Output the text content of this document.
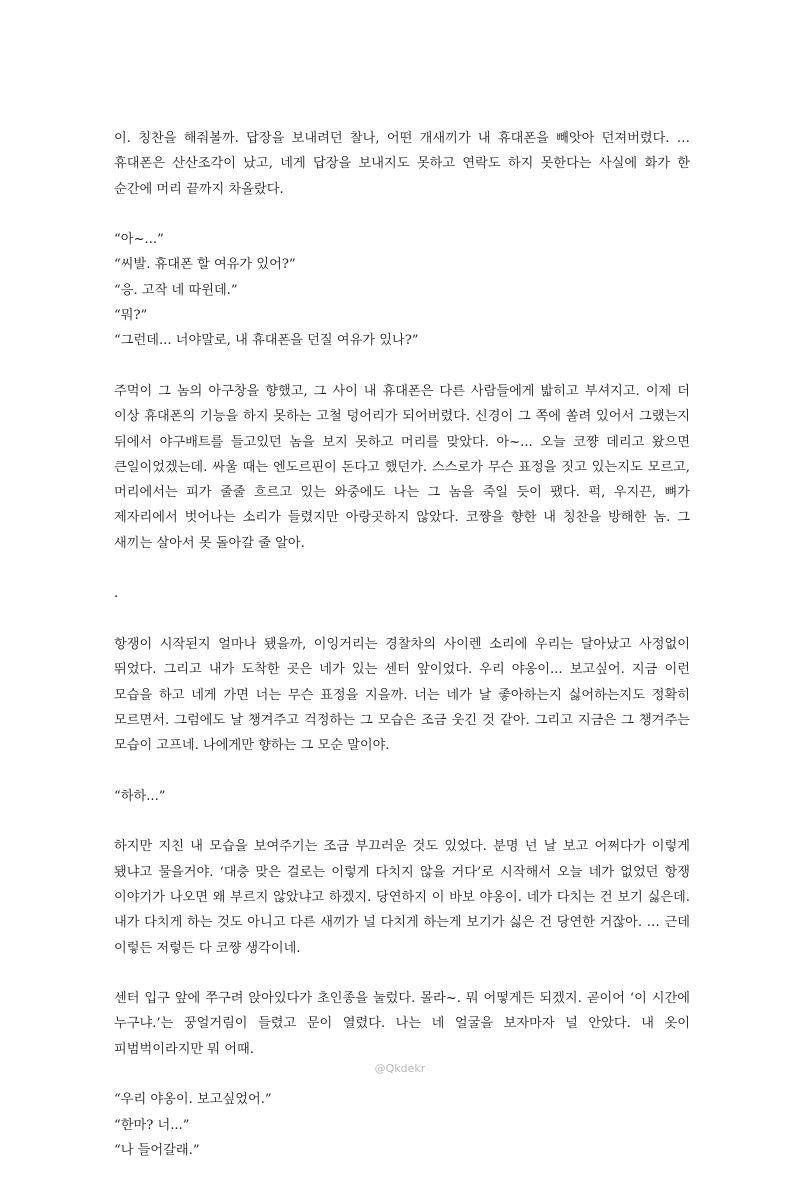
이. 칭찬을 해줘볼까. 답장을 보내려던 찰나, 어떤 개새끼가 내 휴대폰을 빼앗아 던져버렸다. … 휴대폰은 산산조각이 났고, 네게 답장을 보내지도 못하고 연락도 하지 못한다는 사실에 화가 한 순간에 머리 끝까지 차올랐다.

“아~...”
“씨발. 휴대폰 할 여유가 있어?”
“응. 고작 네 따윈데.”
“뭐?”
“그런데... 너야말로, 내 휴대폰을 던질 여유가 있나?”

주먹이 그 놈의 아구창을 향했고, 그 사이 내 휴대폰은 다른 사람들에게 밟히고 부셔지고. 이제 더 이상 휴대폰의 기능을 하지 못하는 고철 덩어리가 되어버렸다. 신경이 그 쪽에 쏠려 있어서 그랬는지 뒤에서 야구배트를 들고있던 놈을 보지 못하고 머리를 맞았다. 아~... 오늘 코쨩 데리고 왔으면 큰일이었겠는데. 싸울 때는 엔도르핀이 돈다고 했던가. 스스로가 무슨 표정을 짓고 있는지도 모르고, 머리에서는 피가 줄줄 흐르고 있는 와중에도 나는 그 놈을 죽일 듯이 팼다. 퍽, 우지끈, 뼈가 제자리에서 벗어나는 소리가 들렸지만 아랑곳하지 않았다. 코쨩을 향한 내 칭찬을 방해한 놈. 그 새끼는 살아서 못 돌아갈 줄 알아.

.

항쟁이 시작된지 얼마나 됐을까, 이잉거리는 경찰차의 사이렌 소리에 우리는 달아났고 사정없이 뛰었다. 그리고 내가 도착한 곳은 네가 있는 센터 앞이었다. 우리 야옹이... 보고싶어. 지금 이런 모습을 하고 네게 가면 너는 무슨 표정을 지을까. 너는 네가 날 좋아하는지 싫어하는지도 정확히 모르면서. 그럼에도 날 챙겨주고 걱정하는 그 모습은 조금 웃긴 것 같아. 그리고 지금은 그 챙겨주는 모습이 고프네. 나에게만 향하는 그 모순 말이야.

“하하...”

하지만 지친 내 모습을 보여주기는 조금 부끄러운 것도 있었다. 분명 넌 날 보고 어쩌다가 이렇게 됐냐고 물을거야. ‘대충 맞은 걸로는 이렇게 다치지 않을 거다’로 시작해서 오늘 네가 없었던 항쟁 이야기가 나오면 왜 부르지 않았냐고 하겠지. 당연하지 이 바보 야옹이. 네가 다치는 건 보기 싫은데. 내가 다치게 하는 것도 아니고 다른 새끼가 널 다치게 하는게 보기가 싫은 건 당연한 거잖아. … 근데 이렇든 저렇든 다 코쨩 생각이네.

센터 입구 앞에 쭈구려 앉아있다가 초인종을 눌렀다. 몰라~. 뭐 어떻게든 되겠지. 곧이어 ‘이 시간에 누구냐.’는 꿍얼거림이 들렸고 문이 열렸다. 나는 네 얼굴을 보자마자 널 안았다. 내 옷이 피범벅이라지만 뭐 어때.

“우리 야옹이. 보고싶었어.”
“한마? 너...”
“나 들어갈래.”
@Qkdekr
